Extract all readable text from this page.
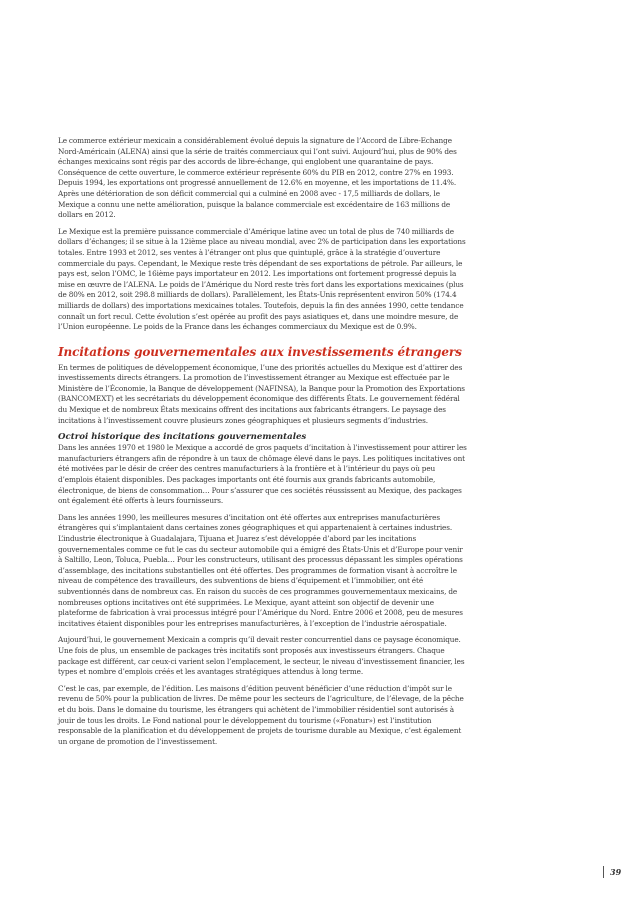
Le commerce extérieur mexicain a considérablement évolué depuis la signature de l’Accord de Libre-Echange Nord-Américain (ALENA) ainsi que la série de traités commerciaux qui l’ont suivi. Aujourd’hui, plus de 90% des échanges mexicains sont régis par des accords de libre-échange, qui englobent une quarantaine de pays. Conséquence de cette ouverture, le commerce extérieur représente 60% du PIB en 2012, contre 27% en 1993. Depuis 1994, les exportations ont progressé annuellement de 12.6% en moyenne, et les importations de 11.4%. Après une détérioration de son déficit commercial qui a culminé en 2008 avec - 17,5 milliards de dollars, le Mexique a connu une nette amélioration, puisque la balance commerciale est excédentaire de 163 millions de dollars en 2012.

Le Mexique est la première puissance commerciale d’Amérique latine avec un total de plus de 740 milliards de dollars d’échanges; il se situe à la 12ième place au niveau mondial, avec 2% de participation dans les exportations totales. Entre 1993 et 2012, ses ventes à l’étranger ont plus que quintuplé, grâce à la stratégie d’ouverture commerciale du pays. Cependant, le Mexique reste très dépendant de ses exportations de pétrole. Par ailleurs, le pays est, selon l’OMC, le 16ième pays importateur en 2012. Les importations ont fortement progressé depuis la mise en œuvre de l’ALENA. Le poids de l’Amérique du Nord reste très fort dans les exportations mexicaines (plus de 80% en 2012, soit 298.8 milliards de dollars). Parallèlement, les États-Unis représentent environ 50% (174.4 milliards de dollars) des importations mexicaines totales. Toutefois, depuis la fin des années 1990, cette tendance connaît un fort recul. Cette évolution s’est opérée au profit des pays asiatiques et, dans une moindre mesure, de l’Union européenne. Le poids de la France dans les échanges commerciaux du Mexique est de 0.9%.

Incitations gouvernementales aux investissements étrangers

En termes de politiques de développement économique, l’une des priorités actuelles du Mexique est d’attirer des investissements directs étrangers. La promotion de l’investissement étranger au Mexique est effectuée par le Ministère de l’Économie, la Banque de développement (NAFINSA), la Banque pour la Promotion des Exportations (BANCOMEXT) et les secrétariats du développement économique des différents États. Le gouvernement fédéral du Mexique et de nombreux États mexicains offrent des incitations aux fabricants étrangers. Le paysage des incitations à l’investissement couvre plusieurs zones géographiques et plusieurs segments d’industries.

Octroi historique des incitations gouvernementales

Dans les années 1970 et 1980 le Mexique a accordé de gros paquets d’incitation à l’investissement pour attirer les manufacturiers étrangers afin de répondre à un taux de chômage élevé dans le pays. Les politiques incitatives ont été motivées par le désir de créer des centres manufacturiers à la frontière et à l’intérieur du pays où peu d’emplois étaient disponibles. Des packages importants ont été fournis aux grands fabricants automobile, électronique, de biens de consommation… Pour s’assurer que ces sociétés réussissent au Mexique, des packages ont également été offerts à leurs fournisseurs.

Dans les années 1990, les meilleures mesures d’incitation ont été offertes aux entreprises manufacturières étrangères qui s’implantaient dans certaines zones géographiques et qui appartenaient à certaines industries. L’industrie électronique à Guadalajara, Tijuana et Juarez s’est développée d’abord par les incitations gouvernementales comme ce fut le cas du secteur automobile qui a émigré des États-Unis et d’Europe pour venir à Saltillo, Leon, Toluca, Puebla… Pour les constructeurs, utilisant des processus dépassant les simples opérations d’assemblage, des incitations substantielles ont été offertes. Des programmes de formation visant à accroître le niveau de compétence des travailleurs, des subventions de biens d’équipement et l’immobilier, ont été subventionnés dans de nombreux cas. En raison du succès de ces programmes gouvernementaux mexicains, de nombreuses options incitatives ont été supprimées. Le Mexique, ayant atteint son objectif de devenir une plateforme de fabrication à vrai processus intégré pour l’Amérique du Nord. Entre 2006 et 2008, peu de mesures incitatives étaient disponibles pour les entreprises manufacturières, à l’exception de l’industrie aérospatiale.

Aujourd’hui, le gouvernement Mexicain a compris qu’il devait rester concurrentiel dans ce paysage économique. Une fois de plus, un ensemble de packages très incitatifs sont proposés aux investisseurs étrangers. Chaque package est différent, car ceux-ci varient selon l’emplacement, le secteur, le niveau d’investissement financier, les types et nombre d’emplois créés et les avantages stratégiques attendus à long terme.

C’est le cas, par exemple, de l’édition. Les maisons d’édition peuvent bénéficier d’une réduction d’impôt sur le revenu de 50% pour la publication de livres. De même pour les secteurs de l’agriculture, de l’élevage, de la pêche et du bois. Dans le domaine du tourisme, les étrangers qui achètent de l’immobilier résidentiel sont autorisés à jouir de tous les droits. Le Fond national pour le développement du tourisme («Fonatur») est l’institution responsable de la planification et du développement de projets de tourisme durable au Mexique, c’est également un organe de promotion de l’investissement.

39
